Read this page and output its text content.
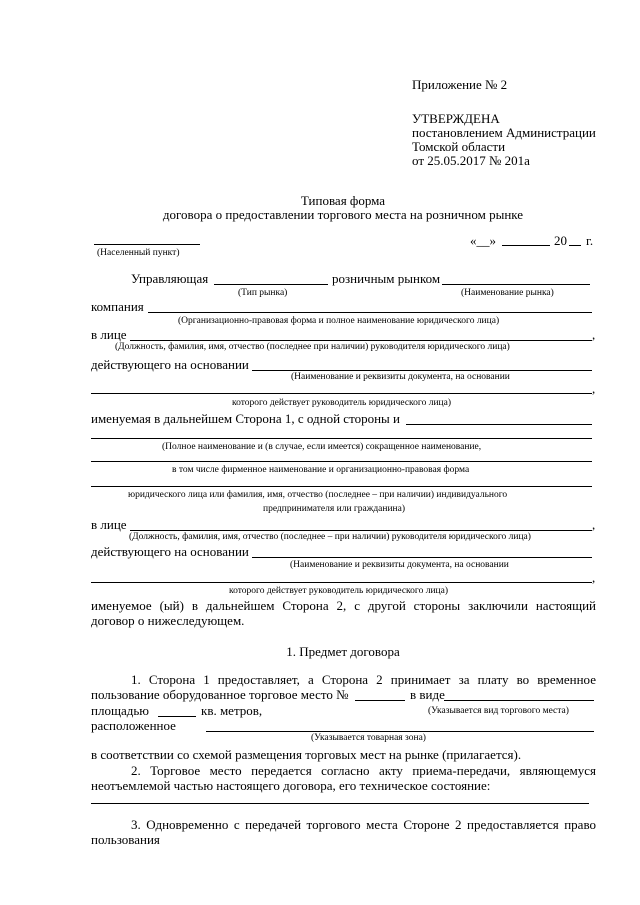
Приложение № 2
УТВЕРЖДЕНА
постановлением Администрации
Томской области
от 25.05.2017 № 201а
Типовая форма
договора о предоставлении торгового места на розничном рынке
(Населенный пункт)
«__»	20 г.
Управляющая	розничным рынком
(Тип рынка)	(Наименование рынка)
компания
(Организационно-правовая форма и полное наименование юридического лица)
в лице	,
(Должность, фамилия, имя, отчество (последнее при наличии) руководителя юридического лица)
действующего на основании
(Наименование и реквизиты документа, на основании
,
которого действует руководитель юридического лица)
именуемая в дальнейшем Сторона 1, с одной стороны и
(Полное наименование и (в случае, если имеется) сокращенное наименование,
в том числе фирменное наименование и организационно-правовая форма
юридического лица или фамилия, имя, отчество (последнее – при наличии) индивидуального
предпринимателя или гражданина)
в лице	,
(Должность, фамилия, имя, отчество (последнее – при наличии) руководителя юридического лица)
действующего на основании
(Наименование и реквизиты документа, на основании
,
которого действует руководитель юридического лица)
именуемое (ый) в дальнейшем Сторона 2, с другой стороны заключили настоящий
договор о нижеследующем.
1. Предмет договора
1. Сторона 1 предоставляет, а Сторона 2 принимает за плату во временное
пользование оборудованное торговое место №	в виде
площадью	кв. метров,	(Указывается вид торгового места)
расположенное
(Указывается товарная зона)
в соответствии со схемой размещения торговых мест на рынке (прилагается).
2. Торговое место передается согласно акту приема-передачи, являющемуся
неотъемлемой частью настоящего договора, его техническое состояние:
3. Одновременно с передачей торгового места Стороне 2 предоставляется право
пользования
